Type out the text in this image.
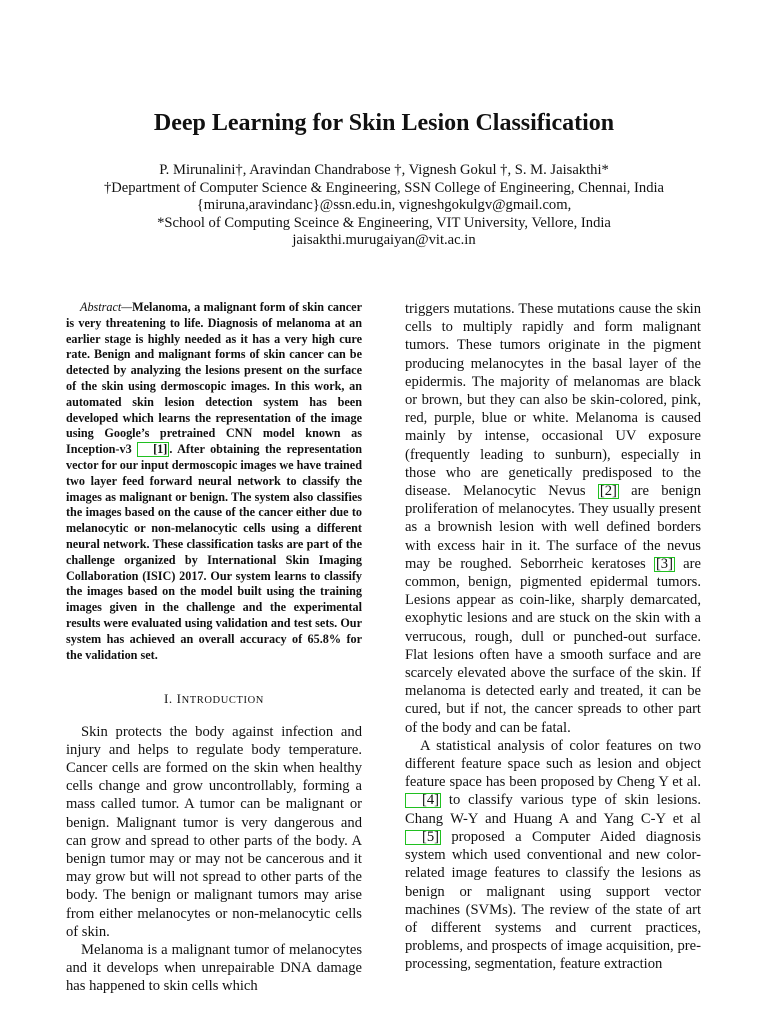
Deep Learning for Skin Lesion Classification
P. Mirunalini†, Aravindan Chandrabose †, Vignesh Gokul †, S. M. Jaisakthi*
†Department of Computer Science & Engineering, SSN College of Engineering, Chennai, India
{miruna,aravindanc}@ssn.edu.in, vigneshgokulgv@gmail.com,
*School of Computing Sceince & Engineering, VIT University, Vellore, India
jaisakthi.murugaiyan@vit.ac.in

Abstract—Melanoma, a malignant form of skin cancer is very threatening to life. Diagnosis of melanoma at an earlier stage is highly needed as it has a very high cure rate. Benign and malignant forms of skin cancer can be detected by analyzing the lesions present on the surface of the skin using dermoscopic images. In this work, an automated skin lesion detection system has been developed which learns the representation of the image using Google’s pretrained CNN model known as Inception-v3 [1] . After obtaining the representation vector for our input dermoscopic images we have trained two layer feed forward neural network to classify the images as malignant or benign. The system also classifies the images based on the cause of the cancer either due to melanocytic or non-melanocytic cells using a different neural network. These classification tasks are part of the challenge organized by International Skin Imaging Collaboration (ISIC) 2017. Our system learns to classify the images based on the model built using the training images given in the challenge and the experimental results were evaluated using validation and test sets. Our system has achieved an overall accuracy of 65.8% for the validation set.

I. INTRODUCTION

Skin protects the body against infection and injury and helps to regulate body temperature. Cancer cells are formed on the skin when healthy cells change and grow uncontrollably, forming a mass called tumor. A tumor can be malignant or benign. Malignant tumor is very dangerous and can grow and spread to other parts of the body. A benign tumor may or may not be cancerous and it may grow but will not spread to other parts of the body. The benign or malignant tumors may arise from either melanocytes or non-melanocytic cells of skin.

Melanoma is a malignant tumor of melanocytes and it develops when unrepairable DNA damage has happened to skin cells which

triggers mutations. These mutations cause the skin cells to multiply rapidly and form malignant tumors. These tumors originate in the pigment producing melanocytes in the basal layer of the epidermis. The majority of melanomas are black or brown, but they can also be skin-colored, pink, red, purple, blue or white. Melanoma is caused mainly by intense, occasional UV exposure (frequently leading to sunburn), especially in those who are genetically predisposed to the disease. Melanocytic Nevus [2] are benign proliferation of melanocytes. They usually present as a brownish lesion with well defined borders with excess hair in it. The surface of the nevus may be roughed. Seborrheic keratoses [3] are common, benign, pigmented epidermal tumors. Lesions appear as coin-like, sharply demarcated, exophytic lesions and are stuck on the skin with a verrucous, rough, dull or punched-out surface. Flat lesions often have a smooth surface and are scarcely elevated above the surface of the skin. If melanoma is detected early and treated, it can be cured, but if not, the cancer spreads to other part of the body and can be fatal.

A statistical analysis of color features on two different feature space such as lesion and object feature space has been proposed by Cheng Y et al. [4] to classify various type of skin lesions. Chang W-Y and Huang A and Yang C-Y et al [5] proposed a Computer Aided diagnosis system which used conventional and new color-related image features to classify the lesions as benign or malignant using support vector machines (SVMs). The review of the state of art of different systems and current practices, problems, and prospects of image acquisition, pre-processing, segmentation, feature extraction
